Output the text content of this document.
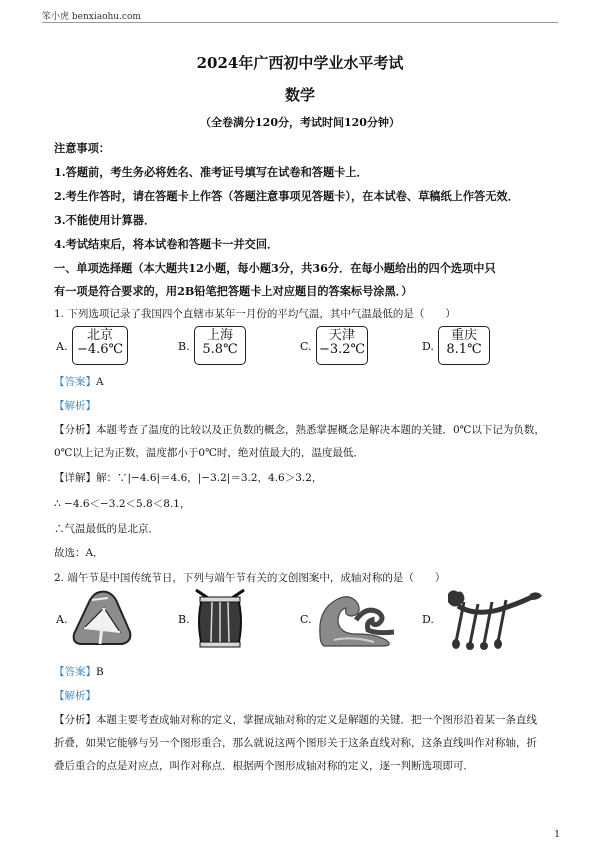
笨小虎 benxiaohu.com
2024年广西初中学业水平考试
数学
（全卷满分120分，考试时间120分钟）
注意事项：
1.答题前，考生务必将姓名、准考证号填写在试卷和答题卡上．
2.考生作答时，请在答题卡上作答（答题注意事项见答题卡），在本试卷、草稿纸上作答无效．
3.不能使用计算器．
4.考试结束后，将本试卷和答题卡一并交回．
一、单项选择题（本大题共12小题，每小题3分，共36分．在每小题给出的四个选项中只
有一项是符合要求的，用2B铅笔把答题卡上对应题目的答案标号涂黑．）
1. 下列选项记录了我国四个直辖市某年一月份的平均气温，其中气温最低的是（　　）
A.
北京
−4.6℃	B.
上海
5.8℃	C.
天津
−3.2℃	D.
重庆
8.1℃
【答案】A
【解析】
【分析】本题考查了温度的比较以及正负数的概念，熟悉掌握概念是解决本题的关键．0℃以下记为负数，
0℃以上记为正数，温度都小于0℃时，绝对值最大的，温度最低．
【详解】解：∵|−4.6|＝4.6，|−3.2|＝3.2，4.6＞3.2，
∴ −4.6＜−3.2＜5.8＜8.1，
∴气温最低的是北京．
故选：A．
2. 端午节是中国传统节日，下列与端午节有关的文创图案中，成轴对称的是（　　）
A.	B.	C.	D.
【答案】B
【解析】
【分析】本题主要考查成轴对称的定义，掌握成轴对称的定义是解题的关键．把一个图形沿着某一条直线
折叠，如果它能够与另一个图形重合，那么就说这两个图形关于这条直线对称，这条直线叫作对称轴，折
叠后重合的点是对应点，叫作对称点．根据两个图形成轴对称的定义，逐一判断选项即可．
1
